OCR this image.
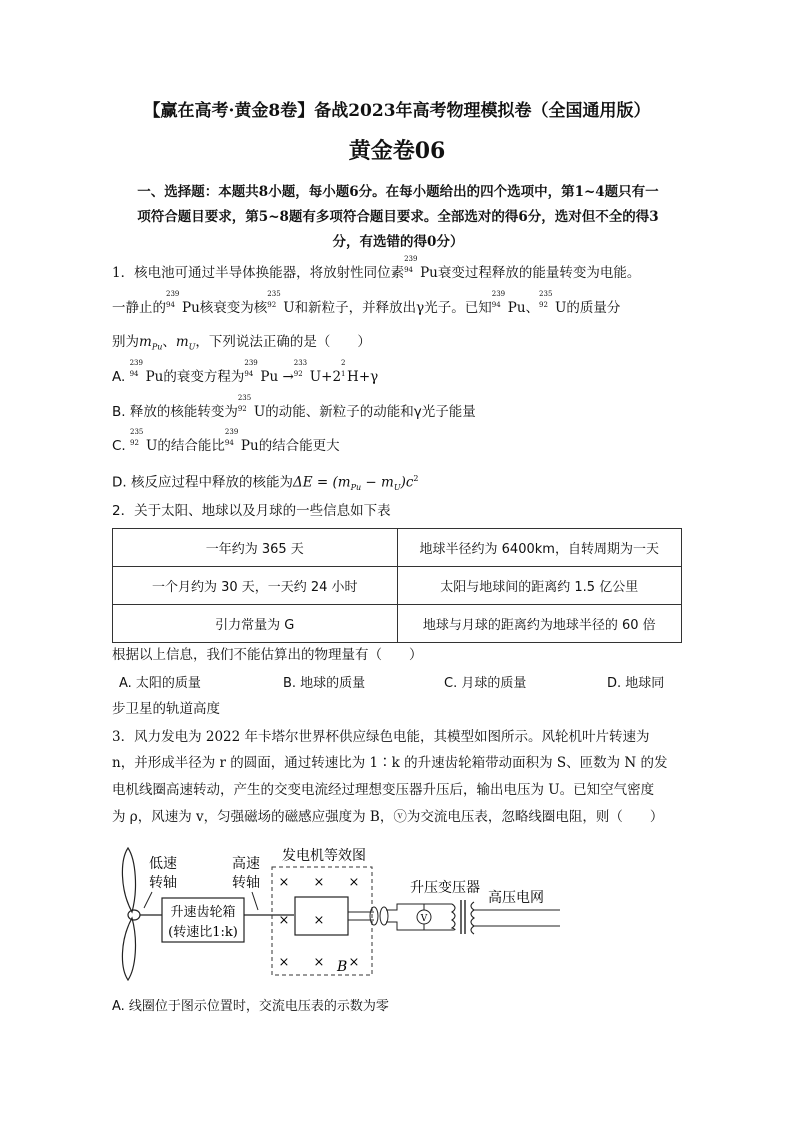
【赢在高考·黄金8卷】备战2023年高考物理模拟卷（全国通用版）
黄金卷06
一、选择题：本题共8小题，每小题6分。在每小题给出的四个选项中，第1~4题只有一
项符合题目要求，第5~8题有多项符合题目要求。全部选对的得6分，选对但不全的得3
分，有选错的得0分）
1．核电池可通过半导体换能器，将放射性同位素
239
94 Pu衰变过程释放的能量转变为电能。
一静止的
239
94 Pu核衰变为核
235
92 U和新粒子，并释放出γ光子。已知
239
94 Pu、
235
92 U的质量分
别为$m_{Pu}$、$m_U$，下列说法正确的是（　　）
A.
239
94 Pu的衰变方程为
239
94 Pu →
233
92 U+2
2
1 H+γ
B. 释放的核能转变为
235
92 U的动能、新粒子的动能和γ光子能量
C.
235
92 U的结合能比
239
94 Pu的结合能更大
D. 核反应过程中释放的核能为$\Delta E = (m_{Pu} - m_U)c^2$
2．关于太阳、地球以及月球的一些信息如下表
一年约为 365 天	地球半径约为 6400km，自转周期为一天
一个月约为 30 天，一天约 24 小时	太阳与地球间的距离约 1.5 亿公里
引力常量为 G	地球与月球的距离约为地球半径的 60 倍
根据以上信息，我们不能估算出的物理量有（　　）
A. 太阳的质量	B. 地球的质量	C. 月球的质量	D. 地球同
步卫星的轨道高度
3．风力发电为 2022 年卡塔尔世界杯供应绿色电能，其模型如图所示。风轮机叶片转速为
n，并形成半径为 r 的圆面，通过转速比为 1∶k 的升速齿轮箱带动面积为 S、匝数为 N 的发
电机线圈高速转动，产生的交变电流经过理想变压器升压后，输出电压为 U。已知空气密度
为 ρ，风速为 v，匀强磁场的磁感应强度为 B，ⓥ为交流电压表，忽略线圈电阻，则（　　）
低速
转轴
升速齿轮箱
(转速比1:k)
高速
转轴
发电机等效图
× × ×
× ×
× × ×
B
V
升压变压器
高压电网
A. 线圈位于图示位置时，交流电压表的示数为零
